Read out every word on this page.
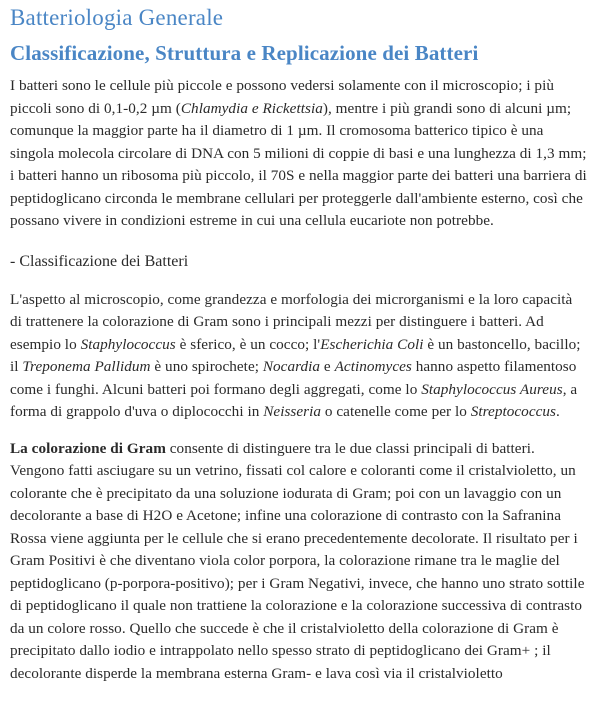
Batteriologia Generale
Classificazione, Struttura e Replicazione dei Batteri

I batteri sono le cellule più piccole e possono vedersi solamente con il microscopio; i più piccoli sono di 0,1-0,2 µm (Chlamydia e Rickettsia), mentre i più grandi sono di alcuni µm; comunque la maggior parte ha il diametro di 1 µm. Il cromosoma batterico tipico è una singola molecola circolare di DNA con 5 milioni di coppie di basi e una lunghezza di 1,3 mm; i batteri hanno un ribosoma più piccolo, il 70S e nella maggior parte dei batteri una barriera di peptidoglicano circonda le membrane cellulari per proteggerle dall'ambiente esterno, così che possano vivere in condizioni estreme in cui una cellula eucariote non potrebbe.

- Classificazione dei Batteri

L'aspetto al microscopio, come grandezza e morfologia dei microrganismi e la loro capacità di trattenere la colorazione di Gram sono i principali mezzi per distinguere i batteri. Ad esempio lo Staphylococcus è sferico, è un cocco; l'Escherichia Coli è un bastoncello, bacillo; il Treponema Pallidum è uno spirochete; Nocardia e Actinomyces hanno aspetto filamentoso come i funghi. Alcuni batteri poi formano degli aggregati, come lo Staphylococcus Aureus, a forma di grappolo d'uva o diplococchi in Neisseria o catenelle come per lo Streptococcus.

La colorazione di Gram consente di distinguere tra le due classi principali di batteri. Vengono fatti asciugare su un vetrino, fissati col calore e coloranti come il cristalvioletto, un colorante che è precipitato da una soluzione iodurata di Gram; poi con un lavaggio con un decolorante a base di H2O e Acetone; infine una colorazione di contrasto con la Safranina Rossa viene aggiunta per le cellule che si erano precedentemente decolorate. Il risultato per i Gram Positivi è che diventano viola color porpora, la colorazione rimane tra le maglie del peptidoglicano (p-porpora-positivo); per i Gram Negativi, invece, che hanno uno strato sottile di peptidoglicano il quale non trattiene la colorazione e la colorazione successiva di contrasto da un colore rosso. Quello che succede è che il cristalvioletto della colorazione di Gram è precipitato dallo iodio e intrappolato nello spesso strato di peptidoglicano dei Gram+ ; il decolorante disperde la membrana esterna Gram- e lava così via il cristalvioletto
